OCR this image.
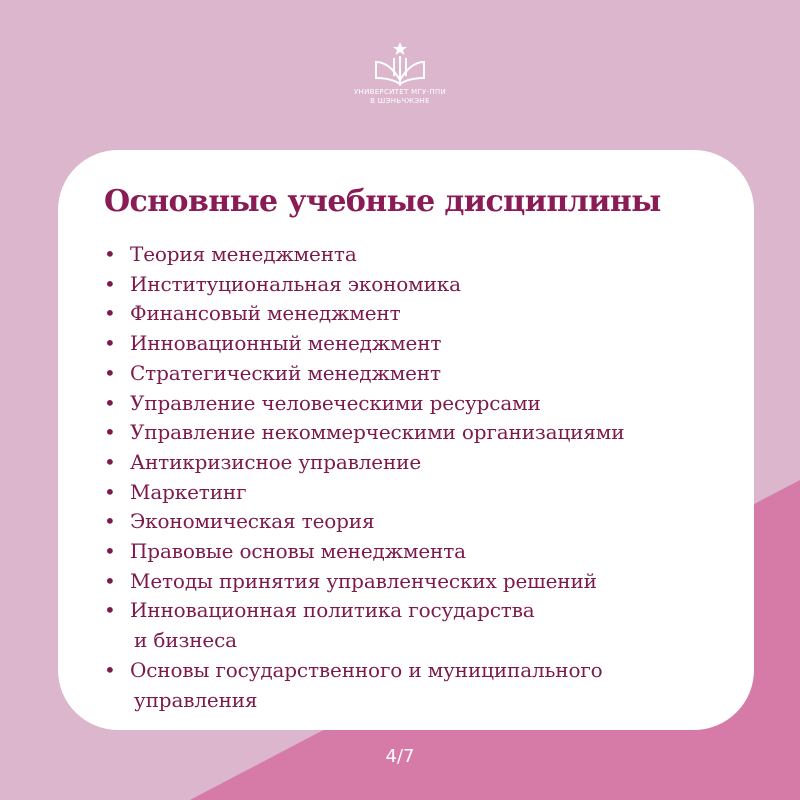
УНИВЕРСИТЕТ МГУ-ППИ
В ШЭНЬЧЖЭНЕ
Основные учебные дисциплины
• Теория менеджмента
• Институциональная экономика
• Финансовый менеджмент
• Инновационный менеджмент
• Стратегический менеджмент
• Управление человеческими ресурсами
• Управление некоммерческими организациями
• Антикризисное управление
• Маркетинг
• Экономическая теория
• Правовые основы менеджмента
• Методы принятия управленческих решений
• Инновационная политика государства
и бизнеса
• Основы государственного и муниципального
управления
4/7
